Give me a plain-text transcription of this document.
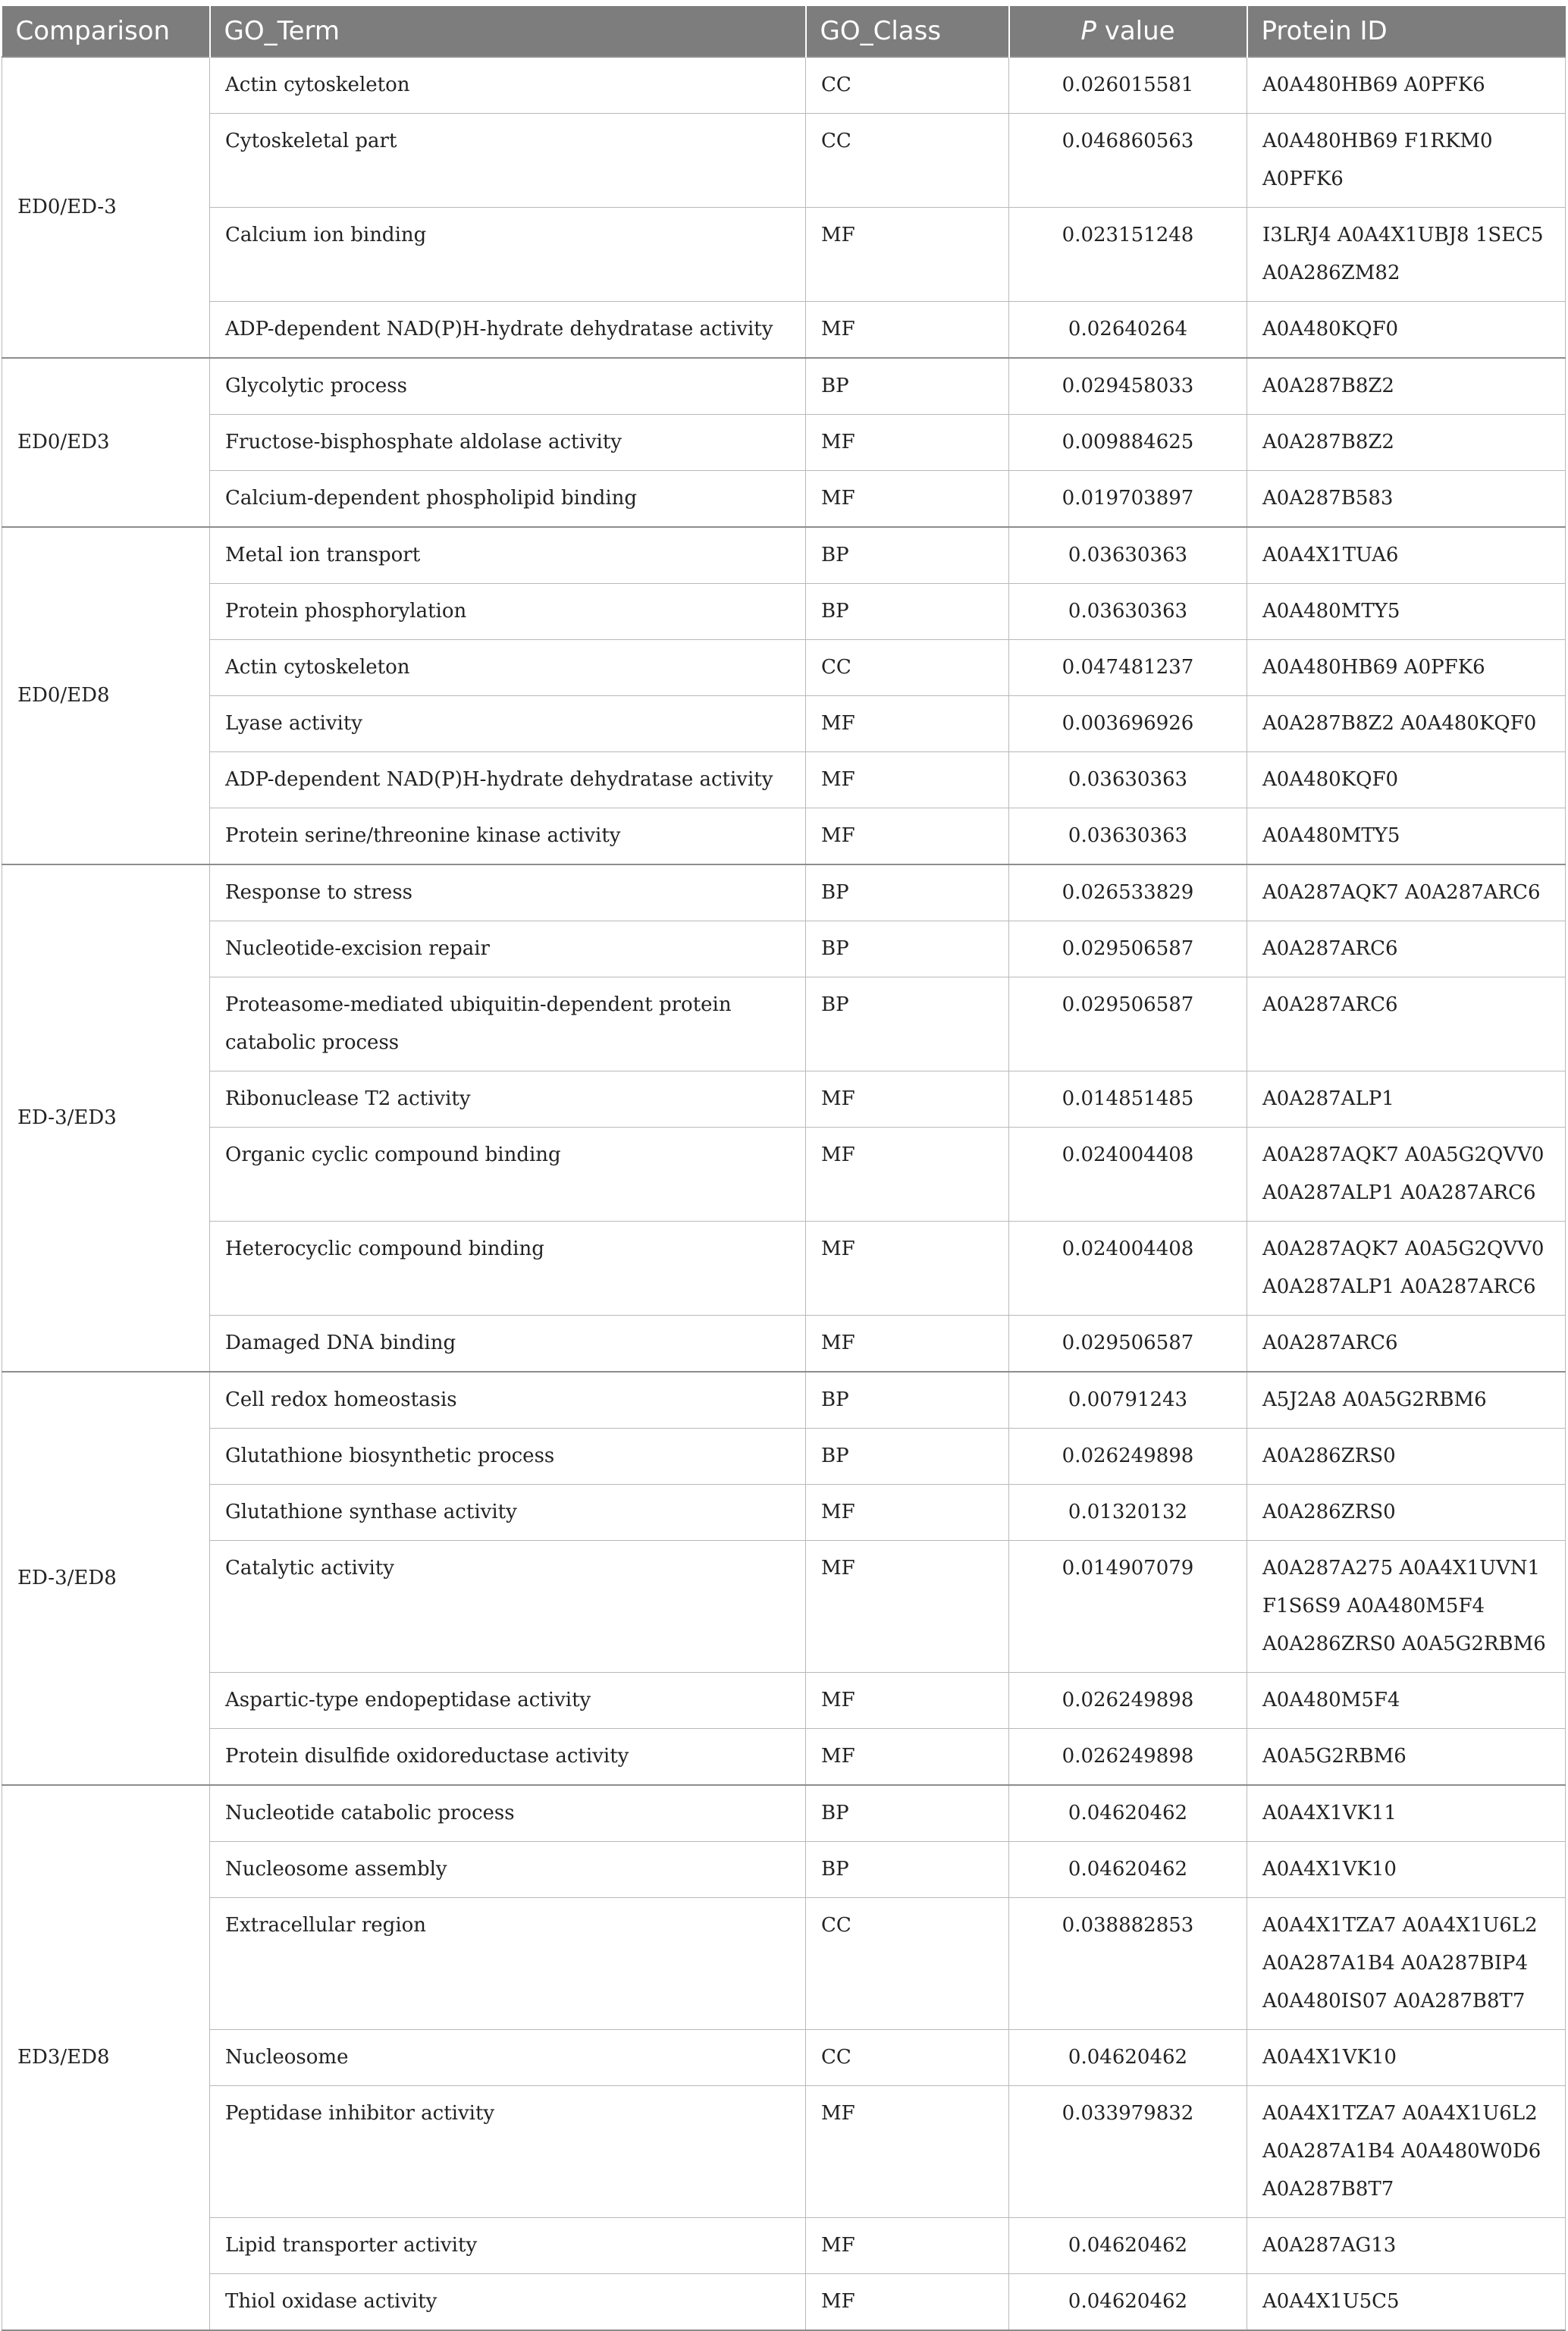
Comparison	GO_Term	GO_Class	P value	Protein ID
ED0/ED-3	Actin cytoskeleton	CC	0.026015581	A0A480HB69 A0PFK6
	Cytoskeletal part	CC	0.046860563	A0A480HB69 F1RKM0 A0PFK6
	Calcium ion binding	MF	0.023151248	I3LRJ4 A0A4X1UBJ8 1SEC5 A0A286ZM82
	ADP-dependent NAD(P)H-hydrate dehydratase activity	MF	0.02640264	A0A480KQF0
ED0/ED3	Glycolytic process	BP	0.029458033	A0A287B8Z2
	Fructose-bisphosphate aldolase activity	MF	0.009884625	A0A287B8Z2
	Calcium-dependent phospholipid binding	MF	0.019703897	A0A287B583
ED0/ED8	Metal ion transport	BP	0.03630363	A0A4X1TUA6
	Protein phosphorylation	BP	0.03630363	A0A480MTY5
	Actin cytoskeleton	CC	0.047481237	A0A480HB69 A0PFK6
	Lyase activity	MF	0.003696926	A0A287B8Z2 A0A480KQF0
	ADP-dependent NAD(P)H-hydrate dehydratase activity	MF	0.03630363	A0A480KQF0
	Protein serine/threonine kinase activity	MF	0.03630363	A0A480MTY5
ED-3/ED3	Response to stress	BP	0.026533829	A0A287AQK7 A0A287ARC6
	Nucleotide-excision repair	BP	0.029506587	A0A287ARC6
	Proteasome-mediated ubiquitin-dependent protein catabolic process	BP	0.029506587	A0A287ARC6
	Ribonuclease T2 activity	MF	0.014851485	A0A287ALP1
	Organic cyclic compound binding	MF	0.024004408	A0A287AQK7 A0A5G2QVV0 A0A287ALP1 A0A287ARC6
	Heterocyclic compound binding	MF	0.024004408	A0A287AQK7 A0A5G2QVV0 A0A287ALP1 A0A287ARC6
	Damaged DNA binding	MF	0.029506587	A0A287ARC6
ED-3/ED8	Cell redox homeostasis	BP	0.00791243	A5J2A8 A0A5G2RBM6
	Glutathione biosynthetic process	BP	0.026249898	A0A286ZRS0
	Glutathione synthase activity	MF	0.01320132	A0A286ZRS0
	Catalytic activity	MF	0.014907079	A0A287A275 A0A4X1UVN1 F1S6S9 A0A480M5F4 A0A286ZRS0 A0A5G2RBM6
	Aspartic-type endopeptidase activity	MF	0.026249898	A0A480M5F4
	Protein disulfide oxidoreductase activity	MF	0.026249898	A0A5G2RBM6
ED3/ED8	Nucleotide catabolic process	BP	0.04620462	A0A4X1VK11
	Nucleosome assembly	BP	0.04620462	A0A4X1VK10
	Extracellular region	CC	0.038882853	A0A4X1TZA7 A0A4X1U6L2 A0A287A1B4 A0A287BIP4 A0A480IS07 A0A287B8T7
	Nucleosome	CC	0.04620462	A0A4X1VK10
	Peptidase inhibitor activity	MF	0.033979832	A0A4X1TZA7 A0A4X1U6L2 A0A287A1B4 A0A480W0D6 A0A287B8T7
	Lipid transporter activity	MF	0.04620462	A0A287AG13
	Thiol oxidase activity	MF	0.04620462	A0A4X1U5C5
